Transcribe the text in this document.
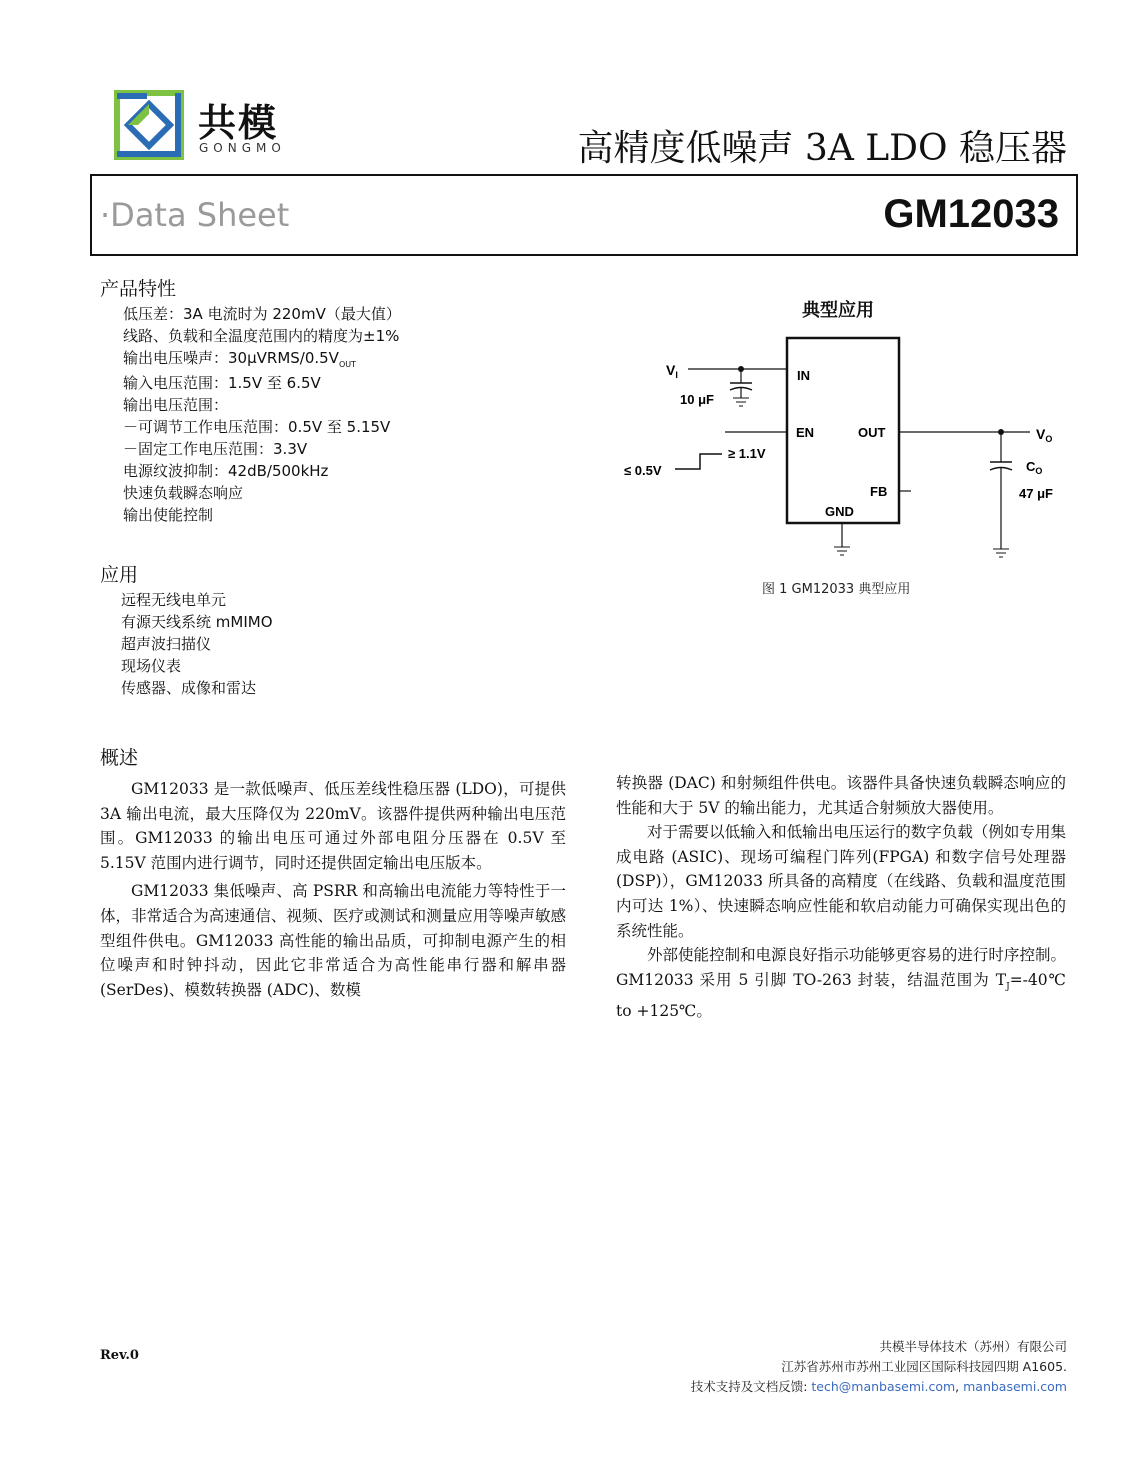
共模
GONGMO	高精度低噪声 3A LDO 稳压器
·Data Sheet	GM12033
产品特性
低压差：3A 电流时为 220mV（最大值）
线路、负载和全温度范围内的精度为±1%
输出电压噪声：$30\mu VRMS/0.5V_{OUT}$
输入电压范围：1.5V 至 6.5V
输出电压范围：
－可调节工作电压范围：0.5V 至 5.15V
－固定工作电压范围：3.3V
电源纹波抑制：42dB/500kHz
快速负载瞬态响应
输出使能控制
应用
远程无线电单元
有源天线系统 mMIMO
超声波扫描仪
现场仪表
传感器、成像和雷达
典型应用
IN
EN	OUT
FB
GND
$V_I$
10 μF
≥ 1.1V
≤ 0.5V
$V_O$
$C_O$
47 μF
图 1 GM12033 典型应用
概述

GM12033 是一款低噪声、低压差线性稳压器 (LDO)，可提供 3A 输出电流，最大压降仅为 220mV。该器件提供两种输出电压范围。GM12033 的输出电压可通过外部电阻分压器在 0.5V 至 5.15V 范围内进行调节，同时还提供固定输出电压版本。

GM12033 集低噪声、高 PSRR 和高输出电流能力等特性于一体，非常适合为高速通信、视频、医疗或测试和测量应用等噪声敏感型组件供电。GM12033 高性能的输出品质，可抑制电源产生的相位噪声和时钟抖动，因此它非常适合为高性能串行器和解串器 (SerDes)、模数转换器 (ADC)、数模

转换器 (DAC) 和射频组件供电。该器件具备快速负载瞬态响应的性能和大于 5V 的输出能力，尤其适合射频放大器使用。

对于需要以低输入和低输出电压运行的数字负载（例如专用集成电路 (ASIC)、现场可编程门阵列(FPGA) 和数字信号处理器 (DSP)），GM12033 所具备的高精度（在线路、负载和温度范围内可达 1%）、快速瞬态响应性能和软启动能力可确保实现出色的系统性能。

外部使能控制和电源良好指示功能够更容易的进行时序控制。GM12033 采用 5 引脚 TO-263 封装，结温范围为 $T_J=-40℃$ to +125℃。

Rev.0
共模半导体技术（苏州）有限公司
江苏省苏州市苏州工业园区国际科技园四期 A1605.
技术支持及文档反馈: tech@manbasemi.com, manbasemi.com
